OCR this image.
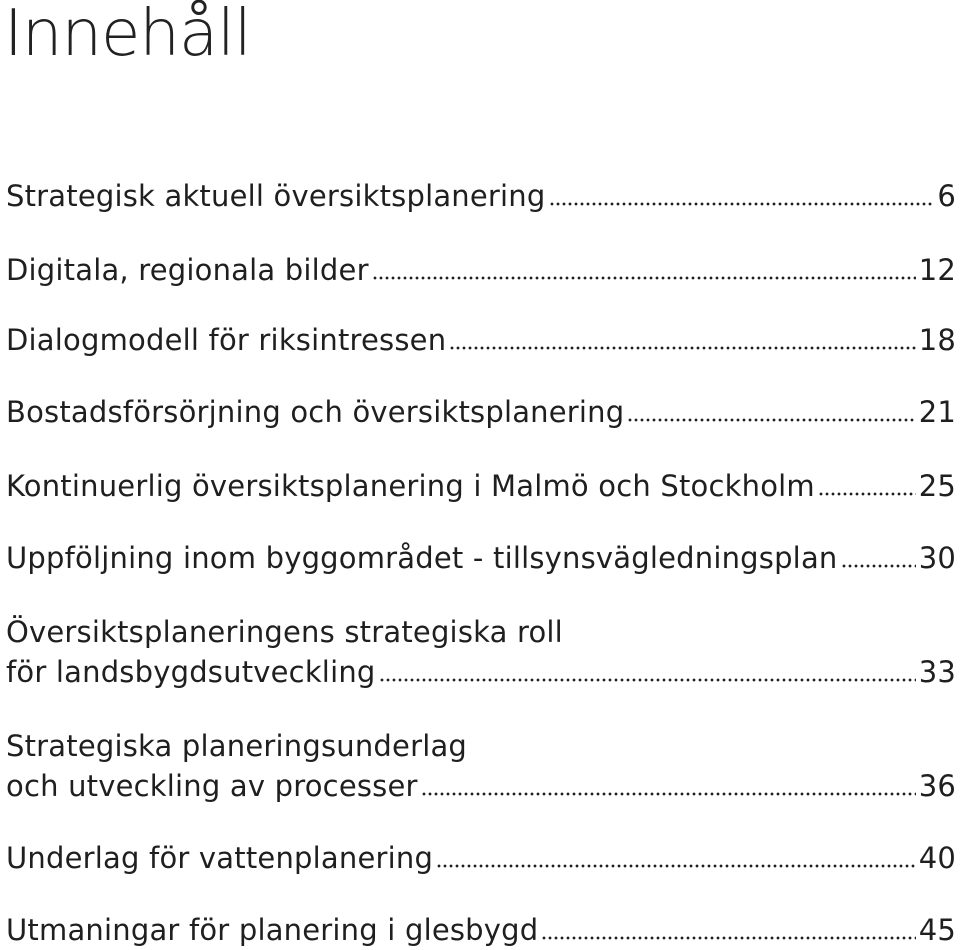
Innehåll
Strategisk aktuell översiktsplanering	6
Digitala, regionala bilder	12
Dialogmodell för riksintressen	18
Bostadsförsörjning och översiktsplanering	21
Kontinuerlig översiktsplanering i Malmö och Stockholm	25
Uppföljning inom byggområdet - tillsynsvägledningsplan	30
Översiktsplaneringens strategiska roll
för landsbygdsutveckling	33
Strategiska planeringsunderlag
och utveckling av processer	36
Underlag för vattenplanering	40
Utmaningar för planering i glesbygd	45
